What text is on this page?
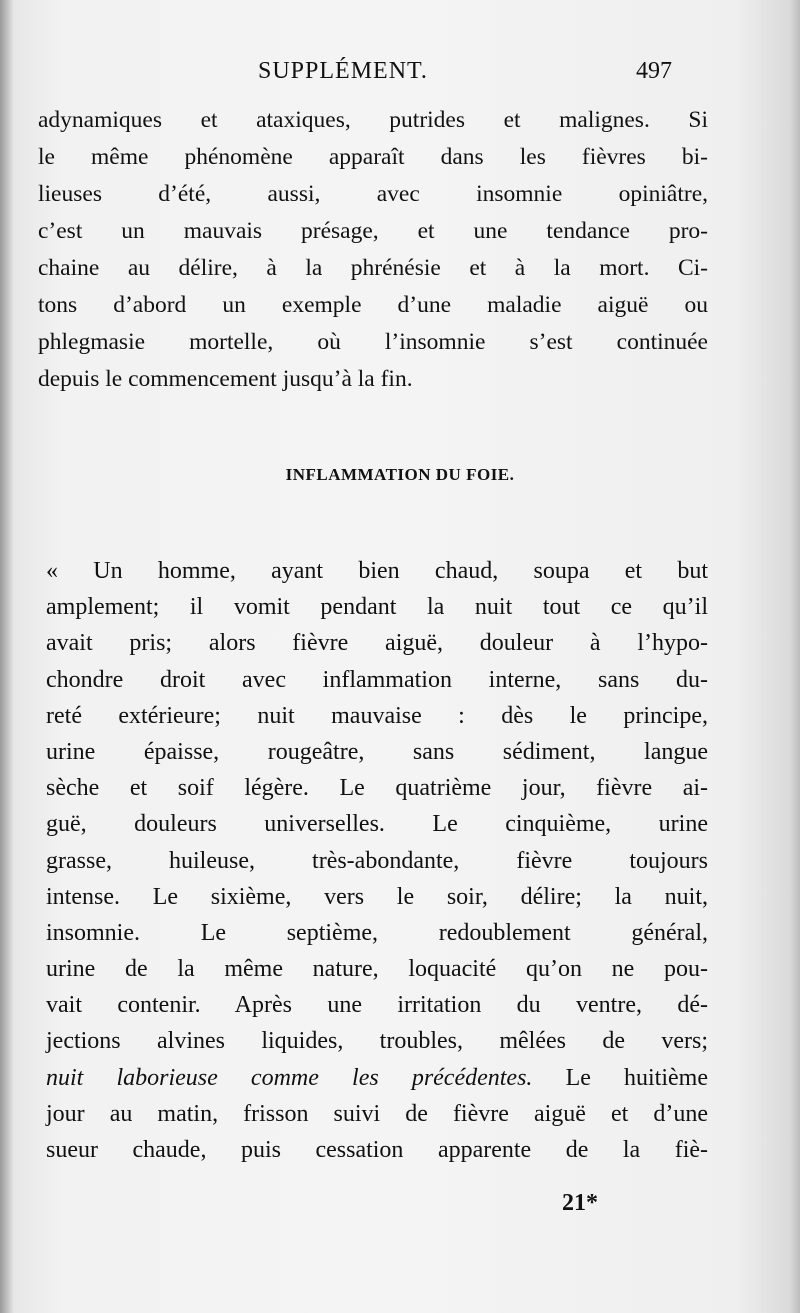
SUPPLÉMENT.	497
adynamiques et ataxiques, putrides et malignes. Si
le même phénomène apparaît dans les fièvres bi-
lieuses d’été, aussi, avec insomnie opiniâtre,
c’est un mauvais présage, et une tendance pro-
chaine au délire, à la phrénésie et à la mort. Ci-
tons d’abord un exemple d’une maladie aiguë ou
phlegmasie mortelle, où l’insomnie s’est continuée
depuis le commencement jusqu’à la fin.
INFLAMMATION DU FOIE.
« Un homme, ayant bien chaud, soupa et but
amplement; il vomit pendant la nuit tout ce qu’il
avait pris; alors fièvre aiguë, douleur à l’hypo-
chondre droit avec inflammation interne, sans du-
reté extérieure; nuit mauvaise : dès le principe,
urine épaisse, rougeâtre, sans sédiment, langue
sèche et soif légère. Le quatrième jour, fièvre ai-
guë, douleurs universelles. Le cinquième, urine
grasse, huileuse, très-abondante, fièvre toujours
intense. Le sixième, vers le soir, délire; la nuit,
insomnie. Le septième, redoublement général,
urine de la même nature, loquacité qu’on ne pou-
vait contenir. Après une irritation du ventre, dé-
jections alvines liquides, troubles, mêlées de vers;
nuit laborieuse comme les précédentes. Le huitième
jour au matin, frisson suivi de fièvre aiguë et d’une
sueur chaude, puis cessation apparente de la fiè-
21*
